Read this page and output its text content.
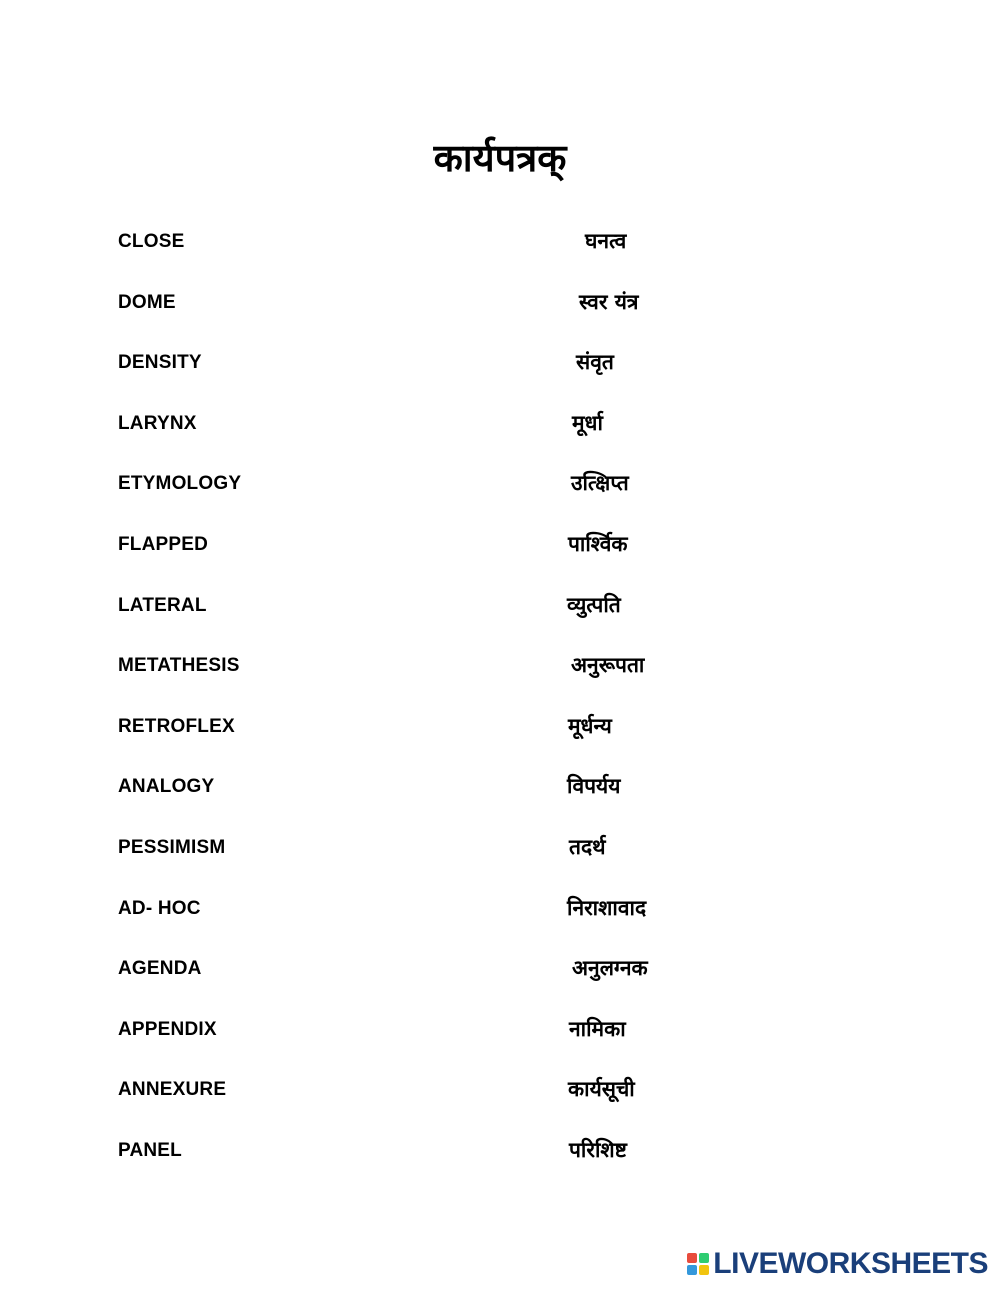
कार्यपत्रक्
CLOSE	घनत्व
DOME	स्वर यंत्र
DENSITY	संवृत
LARYNX	मूर्धा
ETYMOLOGY	उत्क्षिप्त
FLAPPED	पार्श्विक
LATERAL	व्युत्पति
METATHESIS	अनुरूपता
RETROFLEX	मूर्धन्य
ANALOGY	विपर्यय
PESSIMISM	तदर्थ
AD- HOC	निराशावाद
AGENDA	अनुलग्नक
APPENDIX	नामिका
ANNEXURE	कार्यसूची
PANEL	परिशिष्ट
LIVEWORKSHEETS
